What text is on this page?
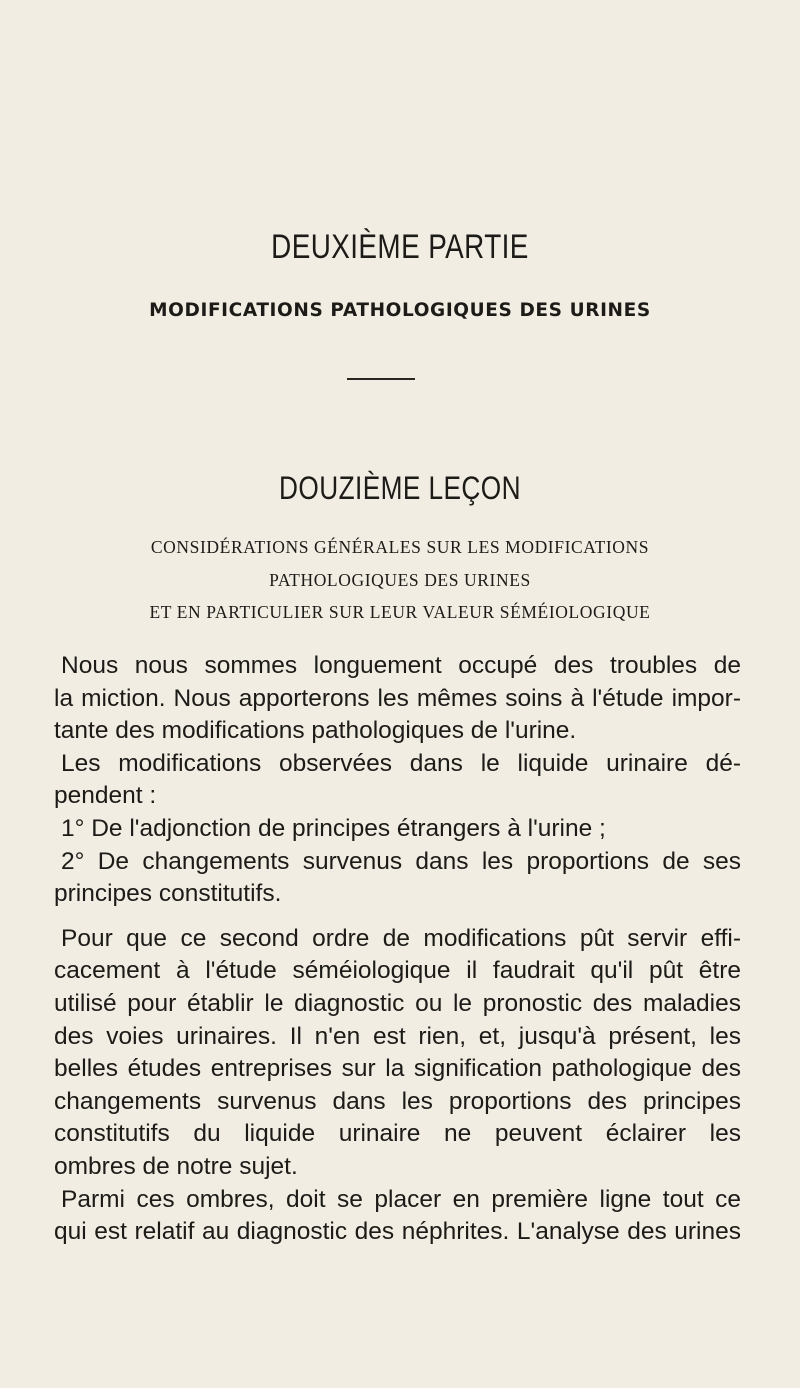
DEUXIÈME PARTIE
MODIFICATIONS PATHOLOGIQUES DES URINES
DOUZIÈME LEÇON

CONSIDÉRATIONS GÉNÉRALES SUR LES MODIFICATIONS

PATHOLOGIQUES DES URINES

ET EN PARTICULIER SUR LEUR VALEUR SÉMÉIOLOGIQUE

Nous nous sommes longuement occupé des troubles de
la miction. Nous apporterons les mêmes soins à l'étude impor-
tante des modifications pathologiques de l'urine.
Les modifications observées dans le liquide urinaire dé-
pendent :
1° De l'adjonction de principes étrangers à l'urine ;
2° De changements survenus dans les proportions de ses
principes constitutifs.
Pour que ce second ordre de modifications pût servir effi-
cacement à l'étude séméiologique il faudrait qu'il pût être
utilisé pour établir le diagnostic ou le pronostic des maladies
des voies urinaires. Il n'en est rien, et, jusqu'à présent, les
belles études entreprises sur la signification pathologique des
changements survenus dans les proportions des principes
constitutifs du liquide urinaire ne peuvent éclairer les
ombres de notre sujet.
Parmi ces ombres, doit se placer en première ligne tout ce
qui est relatif au diagnostic des néphrites. L'analyse des urines
